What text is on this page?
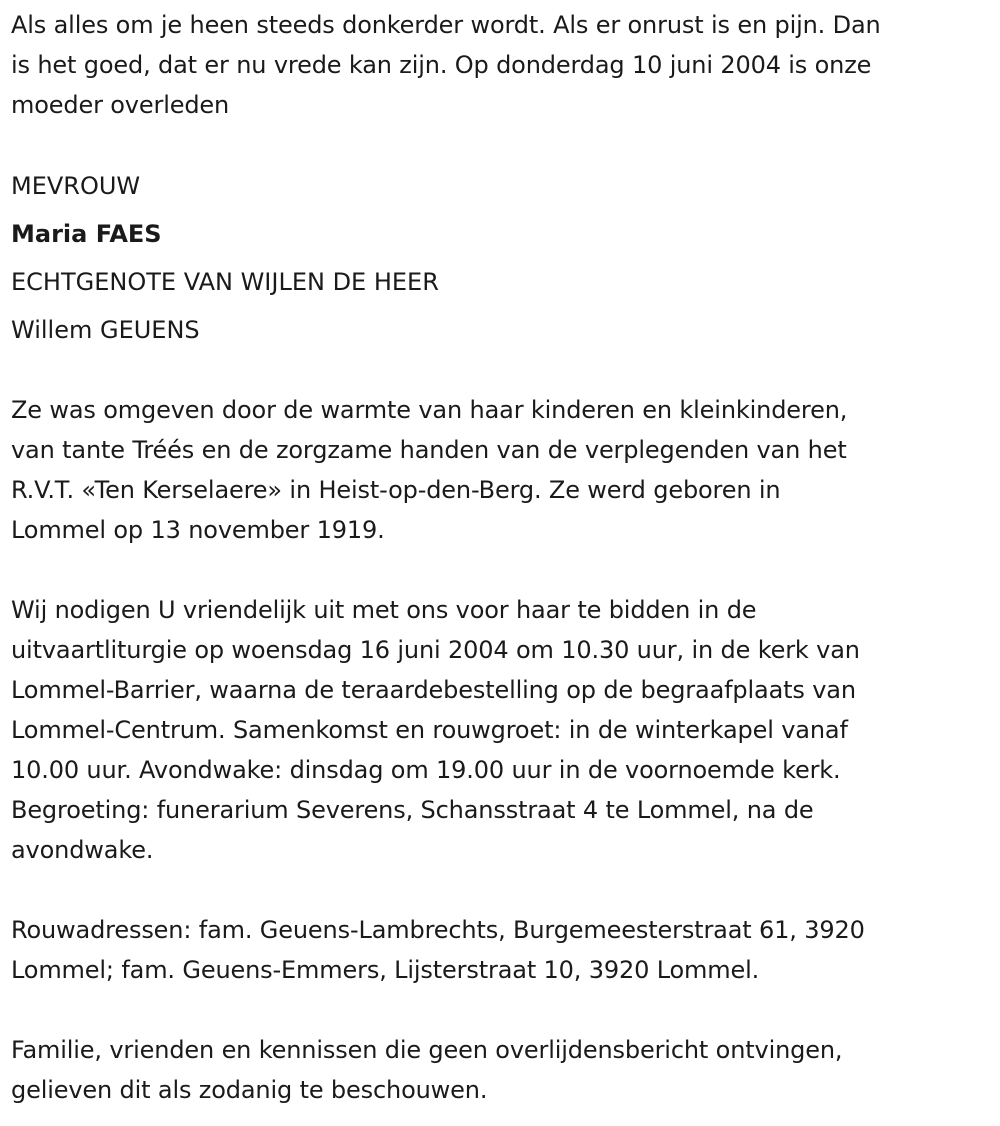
Als alles om je heen steeds donkerder wordt. Als er onrust is en pijn. Dan
is het goed, dat er nu vrede kan zijn. Op donderdag 10 juni 2004 is onze
moeder overleden

MEVROUW

Maria FAES

ECHTGENOTE VAN WIJLEN DE HEER

Willem GEUENS

Ze was omgeven door de warmte van haar kinderen en kleinkinderen,
van tante Tréés en de zorgzame handen van de verplegenden van het
R.V.T. «Ten Kerselaere» in Heist-op-den-Berg. Ze werd geboren in
Lommel op 13 november 1919.

Wij nodigen U vriendelijk uit met ons voor haar te bidden in de
uitvaartliturgie op woensdag 16 juni 2004 om 10.30 uur, in de kerk van
Lommel-Barrier, waarna de teraardebestelling op de begraafplaats van
Lommel-Centrum. Samenkomst en rouwgroet: in de winterkapel vanaf
10.00 uur. Avondwake: dinsdag om 19.00 uur in de voornoemde kerk.
Begroeting: funerarium Severens, Schansstraat 4 te Lommel, na de
avondwake.

Rouwadressen: fam. Geuens-Lambrechts, Burgemeesterstraat 61, 3920
Lommel; fam. Geuens-Emmers, Lijsterstraat 10, 3920 Lommel.

Familie, vrienden en kennissen die geen overlijdensbericht ontvingen,
gelieven dit als zodanig te beschouwen.
